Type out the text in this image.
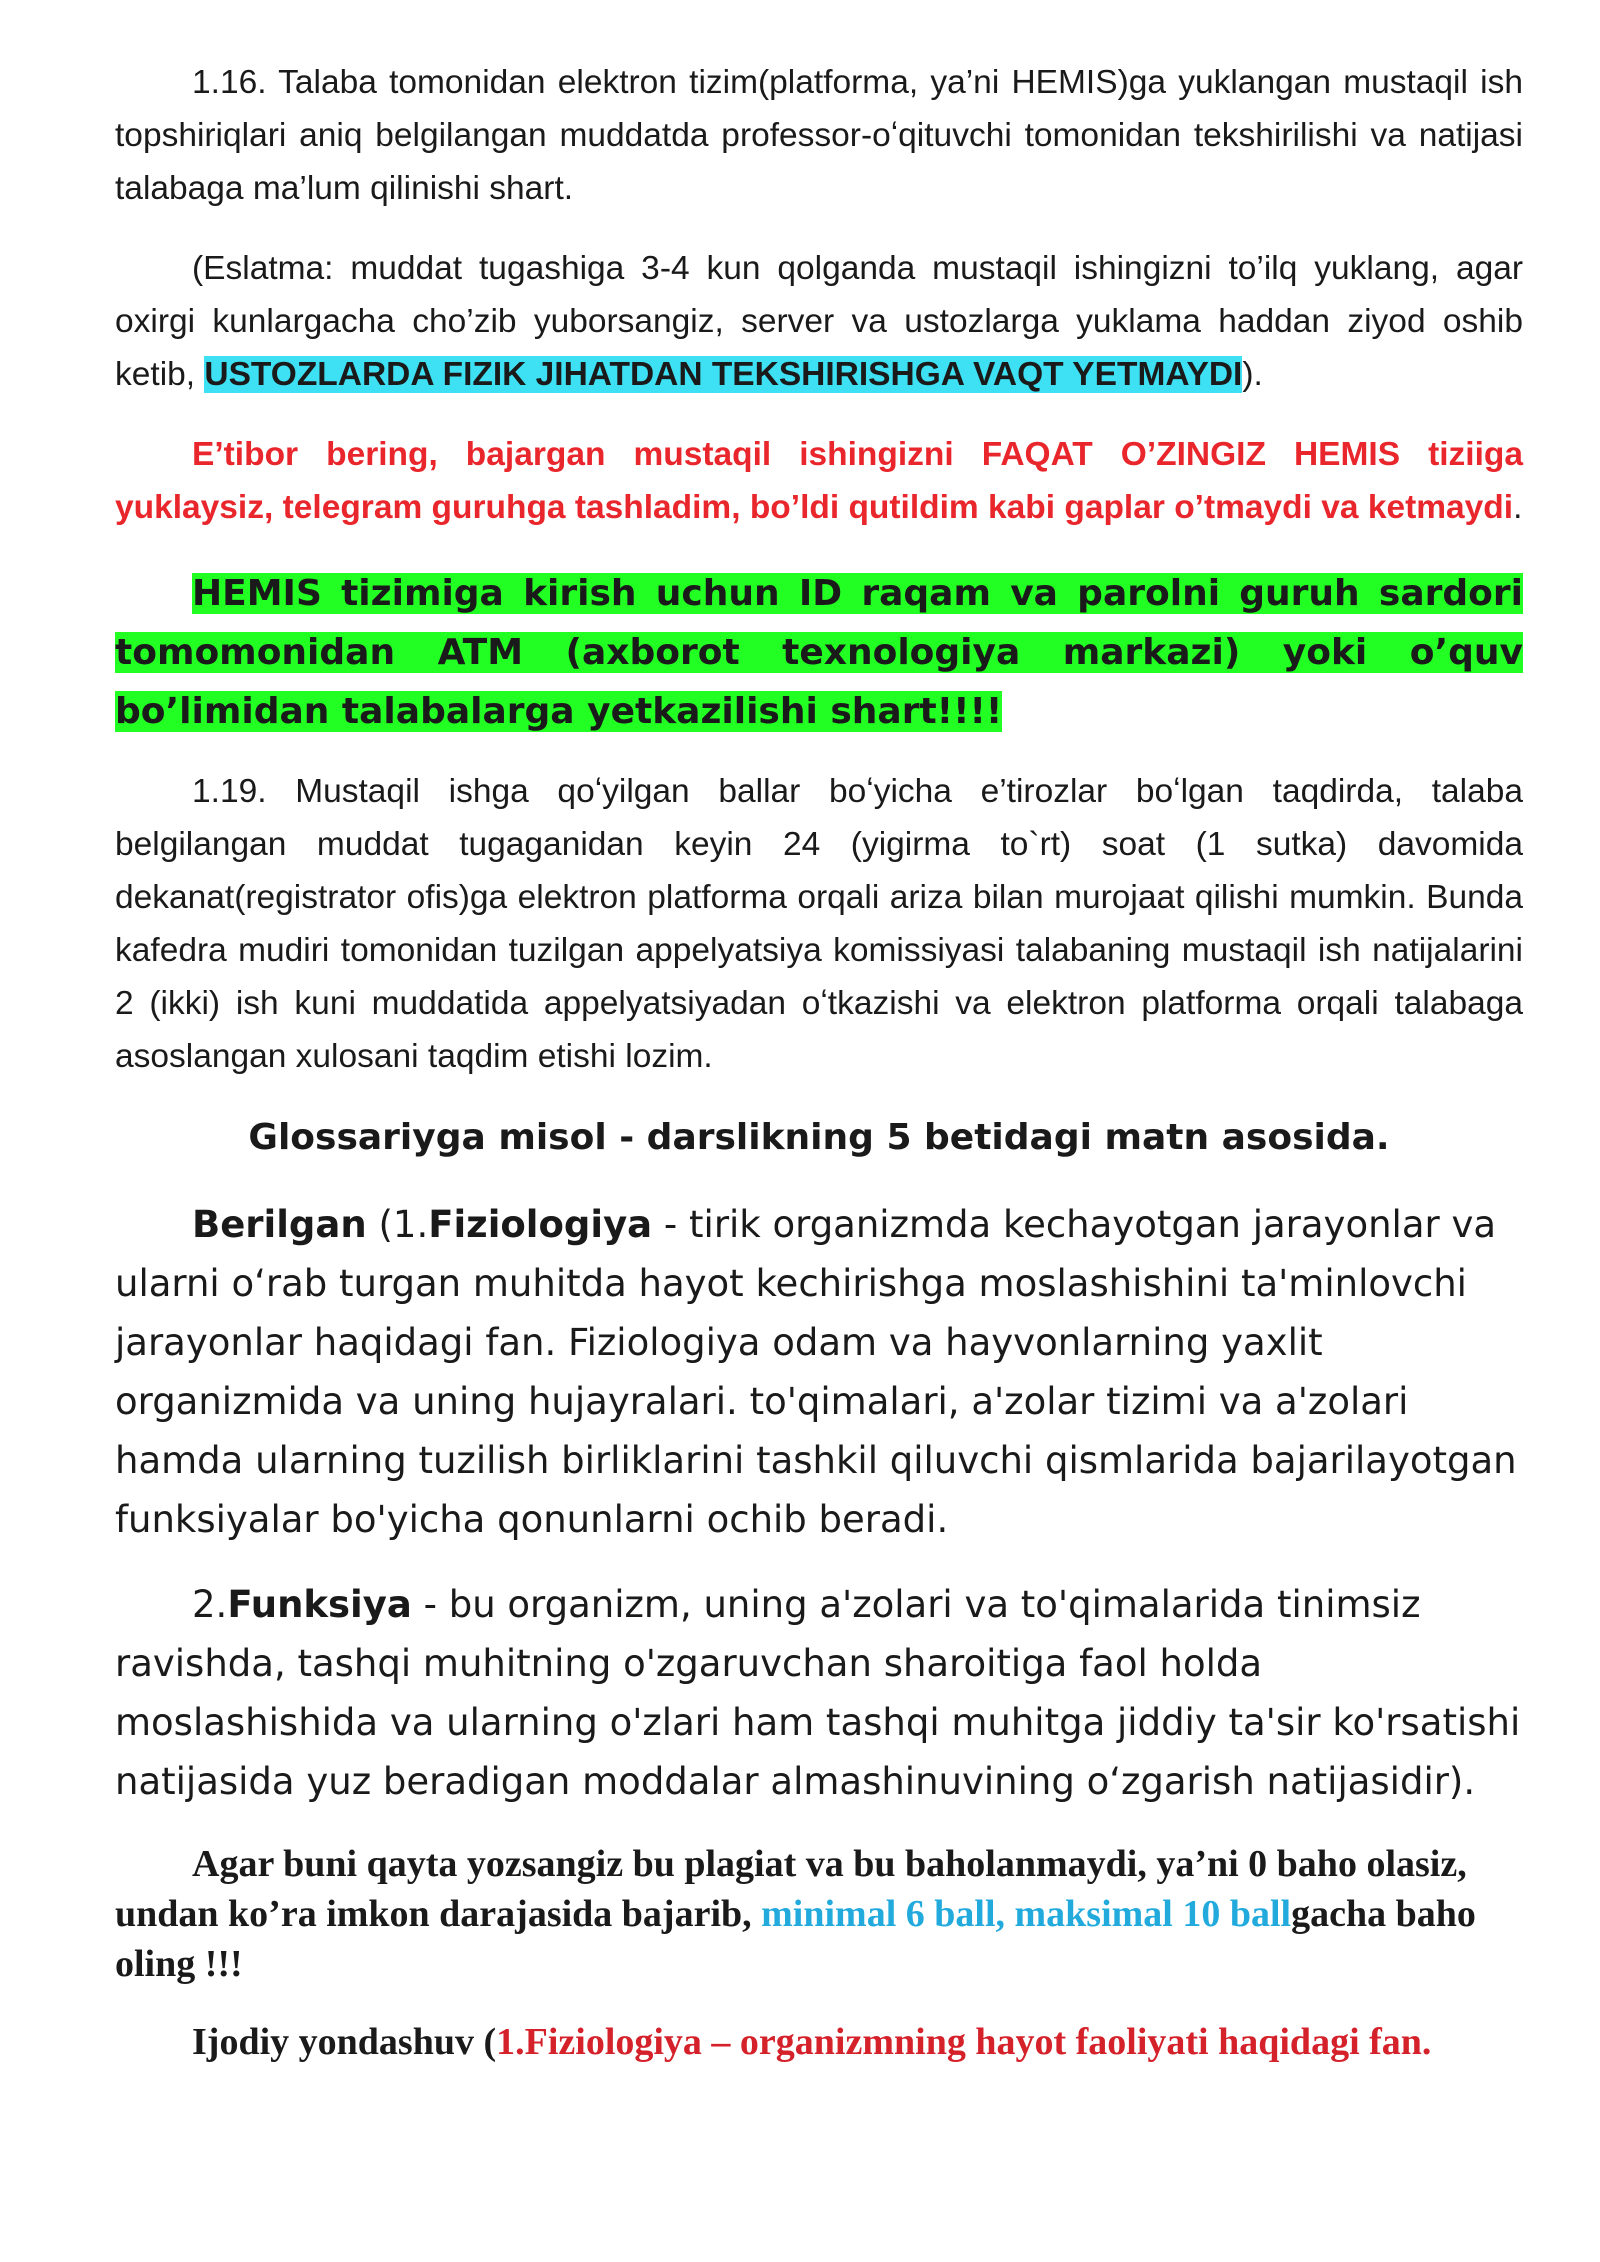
1.16. Talaba tomonidan elektron tizim(platforma, ya’ni HEMIS)ga yuklangan mustaqil ish topshiriqlari aniq belgilangan muddatda professor-oʻqituvchi tomonidan tekshirilishi va natijasi talabaga ma’lum qilinishi shart.

(Eslatma: muddat tugashiga 3-4 kun qolganda mustaqil ishingizni to’ilq yuklang, agar oxirgi kunlargacha cho’zib yuborsangiz, server va ustozlarga yuklama haddan ziyod oshib ketib, USTOZLARDA FIZIK JIHATDAN TEKSHIRISHGA VAQT YETMAYDI).

E’tibor bering, bajargan mustaqil ishingizni FAQAT O’ZINGIZ HEMIS tiziiga yuklaysiz, telegram guruhga tashladim, bo’ldi qutildim kabi gaplar o’tmaydi va ketmaydi.

HEMIS tizimiga kirish uchun ID raqam va parolni guruh sardori tomomonidan ATM (axborot texnologiya markazi) yoki o’quv bo’limidan talabalarga yetkazilishi shart!!!!

1.19. Mustaqil ishga qoʻyilgan ballar boʻyicha e’tirozlar boʻlgan taqdirda, talaba belgilangan muddat tugaganidan keyin 24 (yigirma to`rt) soat (1 sutka) davomida dekanat(registrator ofis)ga elektron platforma orqali ariza bilan murojaat qilishi mumkin. Bunda kafedra mudiri tomonidan tuzilgan appelyatsiya komissiyasi talabaning mustaqil ish natijalarini 2 (ikki) ish kuni muddatida appelyatsiyadan oʻtkazishi va elektron platforma orqali talabaga asoslangan xulosani taqdim etishi lozim.

Glossariyga misol - darslikning 5 betidagi matn asosida.

Berilgan (1.Fiziologiya - tirik organizmda kechayotgan jarayonlar va ularni oʻrab turgan muhitda hayot kechirishga moslashishini ta'minlovchi jarayonlar haqidagi fan. Fiziologiya odam va hayvonlarning yaxlit organizmida va uning hujayralari. to'qimalari, a'zolar tizimi va a'zolari hamda ularning tuzilish birliklarini tashkil qiluvchi qismlarida bajarilayotgan funksiyalar bo'yicha qonunlarni ochib beradi.

2.Funksiya - bu organizm, uning a'zolari va to'qimalarida tinimsiz ravishda, tashqi muhitning o'zgaruvchan sharoitiga faol holda moslashishida va ularning o'zlari ham tashqi muhitga jiddiy ta'sir ko'rsatishi natijasida yuz beradigan moddalar almashinuvining oʻzgarish natijasidir).

Agar buni qayta yozsangiz bu plagiat va bu baholanmaydi, ya’ni 0 baho olasiz, undan ko’ra imkon darajasida bajarib, minimal 6 ball, maksimal 10 ballgacha baho oling !!!

Ijodiy yondashuv (1.Fiziologiya – organizmning hayot faoliyati haqidagi fan.
